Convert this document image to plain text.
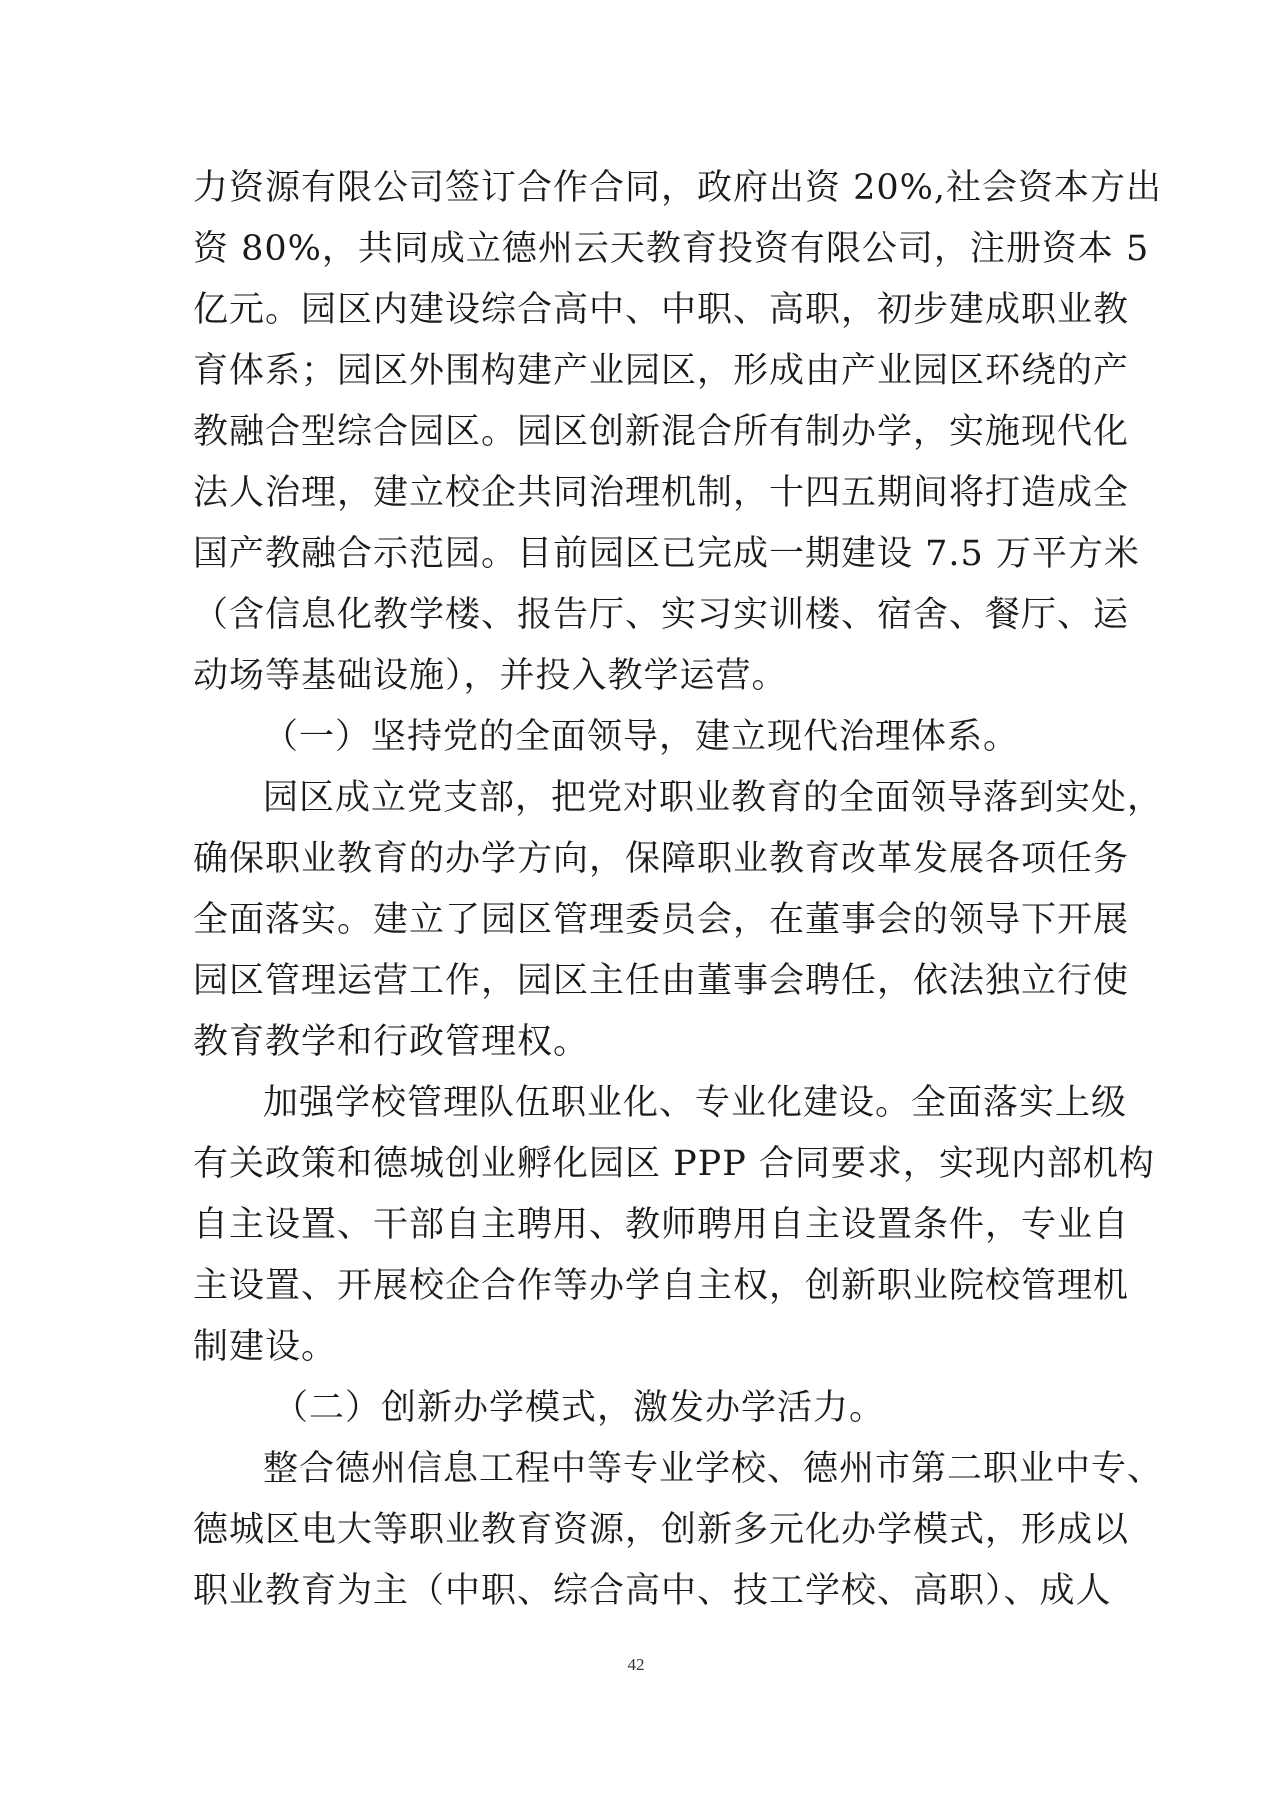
力资源有限公司签订合作合同，政府出资 20%,社会资本方出
资 80%，共同成立德州云天教育投资有限公司，注册资本 5
亿元。园区内建设综合高中、中职、高职，初步建成职业教
育体系；园区外围构建产业园区，形成由产业园区环绕的产
教融合型综合园区。园区创新混合所有制办学，实施现代化
法人治理，建立校企共同治理机制，十四五期间将打造成全
国产教融合示范园。目前园区已完成一期建设 7.5 万平方米
（含信息化教学楼、报告厅、实习实训楼、宿舍、餐厅、运
动场等基础设施），并投入教学运营。
（一）坚持党的全面领导，建立现代治理体系。
园区成立党支部，把党对职业教育的全面领导落到实处，
确保职业教育的办学方向，保障职业教育改革发展各项任务
全面落实。建立了园区管理委员会，在董事会的领导下开展
园区管理运营工作，园区主任由董事会聘任，依法独立行使
教育教学和行政管理权。
加强学校管理队伍职业化、专业化建设。全面落实上级
有关政策和德城创业孵化园区 PPP 合同要求，实现内部机构
自主设置、干部自主聘用、教师聘用自主设置条件，专业自
主设置、开展校企合作等办学自主权，创新职业院校管理机
制建设。
（二）创新办学模式，激发办学活力。
整合德州信息工程中等专业学校、德州市第二职业中专、
德城区电大等职业教育资源，创新多元化办学模式，形成以
职业教育为主（中职、综合高中、技工学校、高职）、成人
42
